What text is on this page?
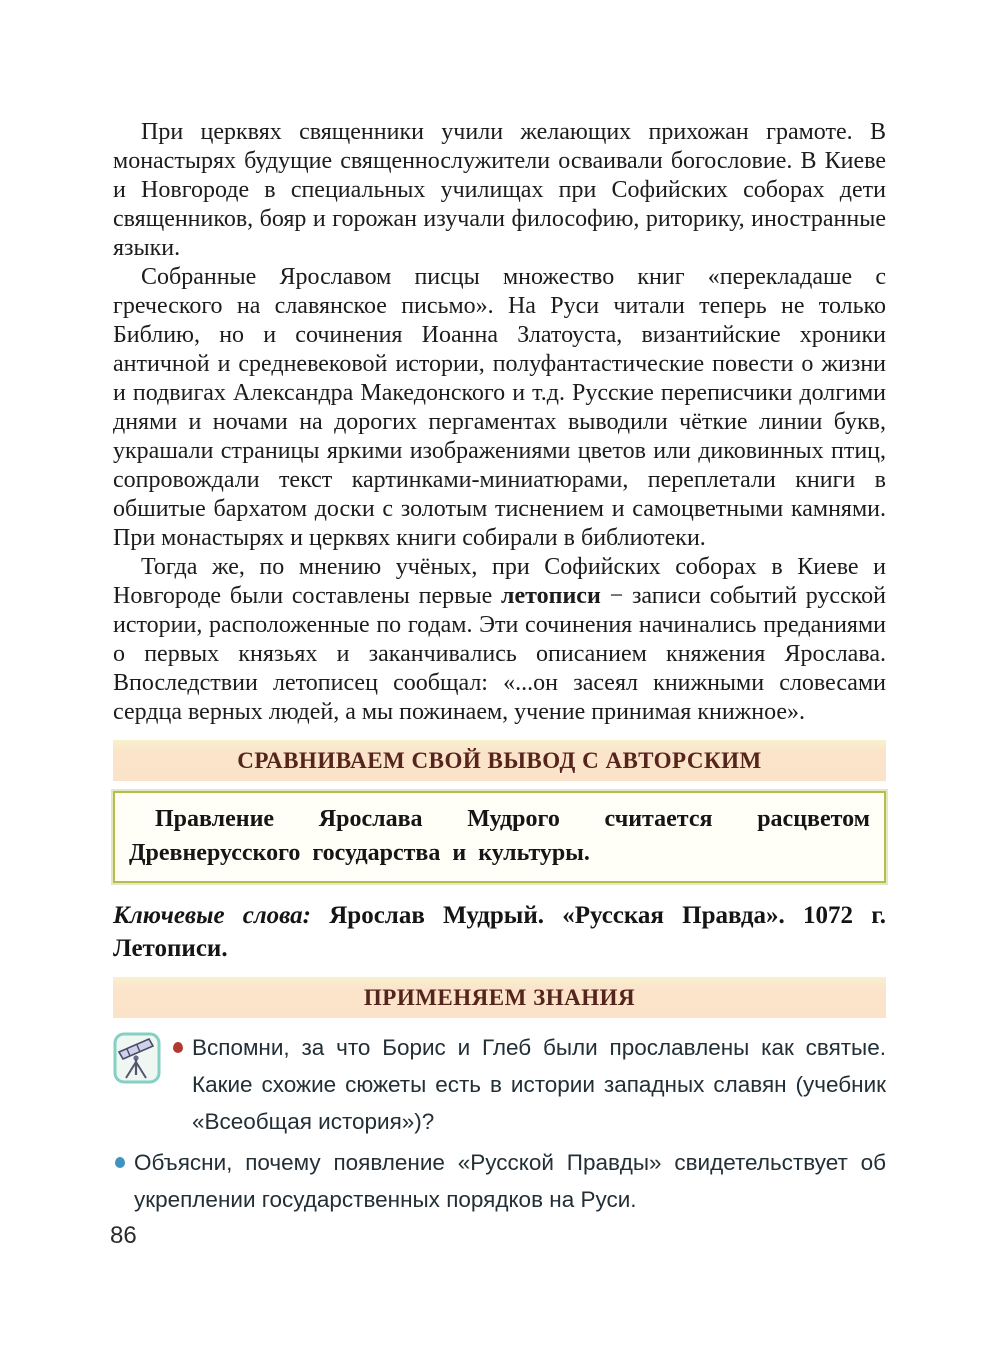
При церквях священники учили желающих прихожан грамоте. В монастырях будущие священнослужители осваивали богословие. В Киеве и Новгороде в специальных училищах при Софийских соборах дети священников, бояр и горожан изучали философию, риторику, иностранные языки.

Собранные Ярославом писцы множество книг «перекладаше с греческого на славянское письмо». На Руси читали теперь не только Библию, но и сочинения Иоанна Златоуста, византийские хроники античной и средневековой истории, полуфантастические повести о жизни и подвигах Александра Македонского и т.д. Русские переписчики долгими днями и ночами на дорогих пергаментах выводили чёткие линии букв, украшали страницы яркими изображениями цветов или диковинных птиц, сопровождали текст картинками-миниатюрами, переплетали книги в обшитые бархатом доски с золотым тиснением и самоцветными камнями. При монастырях и церквях книги собирали в библиотеки.

Тогда же, по мнению учёных, при Софийских соборах в Киеве и Новгороде были составлены первые летописи − записи событий русской истории, расположенные по годам. Эти сочинения начинались преданиями о первых князьях и заканчивались описанием княжения Ярослава. Впоследствии летописец сообщал: «...он засеял книжными словесами сердца верных людей, а мы пожинаем, учение принимая книжное».

СРАВНИВАЕМ СВОЙ ВЫВОД С АВТОРСКИМ

Правление Ярослава Мудрого считается расцветом Древнерусского государства и культуры.

Ключевые слова: Ярослав Мудрый. «Русская Правда». 1072 г. Летописи.

ПРИМЕНЯЕМ ЗНАНИЯ

Вспомни, за что Борис и Глеб были прославлены как святые. Какие схожие сюжеты есть в истории западных славян (учебник «Всеобщая история»)?

Объясни, почему появление «Русской Правды» свидетельствует об укреплении государственных порядков на Руси.

86
